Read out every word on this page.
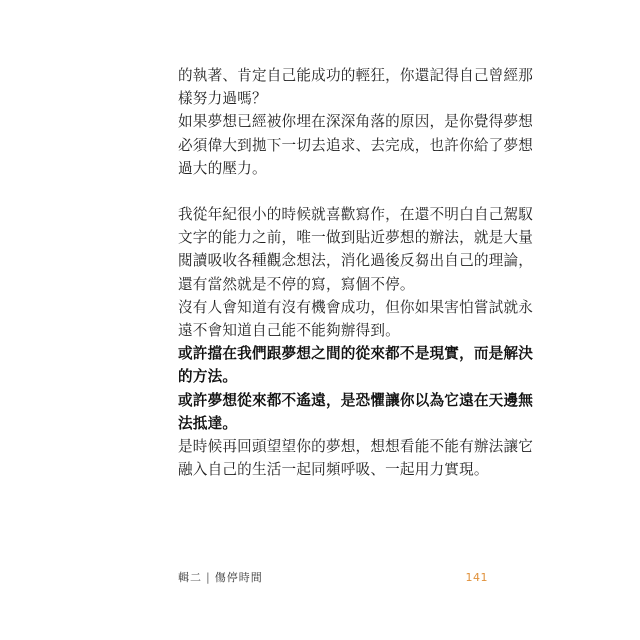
的執著、肯定自己能成功的輕狂，你還記得自己曾經那
樣努力過嗎？

如果夢想已經被你埋在深深角落的原因，是你覺得夢想
必須偉大到拋下一切去追求、去完成，也許你給了夢想
過大的壓力。

我從年紀很小的時候就喜歡寫作，在還不明白自己駕馭
文字的能力之前，唯一做到貼近夢想的辦法，就是大量
閱讀吸收各種觀念想法，消化過後反芻出自己的理論，
還有當然就是不停的寫，寫個不停。

沒有人會知道有沒有機會成功，但你如果害怕嘗試就永
遠不會知道自己能不能夠辦得到。

或許擋在我們跟夢想之間的從來都不是現實，而是解決
的方法。

或許夢想從來都不遙遠，是恐懼讓你以為它遠在天邊無
法抵達。

是時候再回頭望望你的夢想，想想看能不能有辦法讓它
融入自己的生活一起同頻呼吸、一起用力實現。

輯二 | 傷停時間	141
